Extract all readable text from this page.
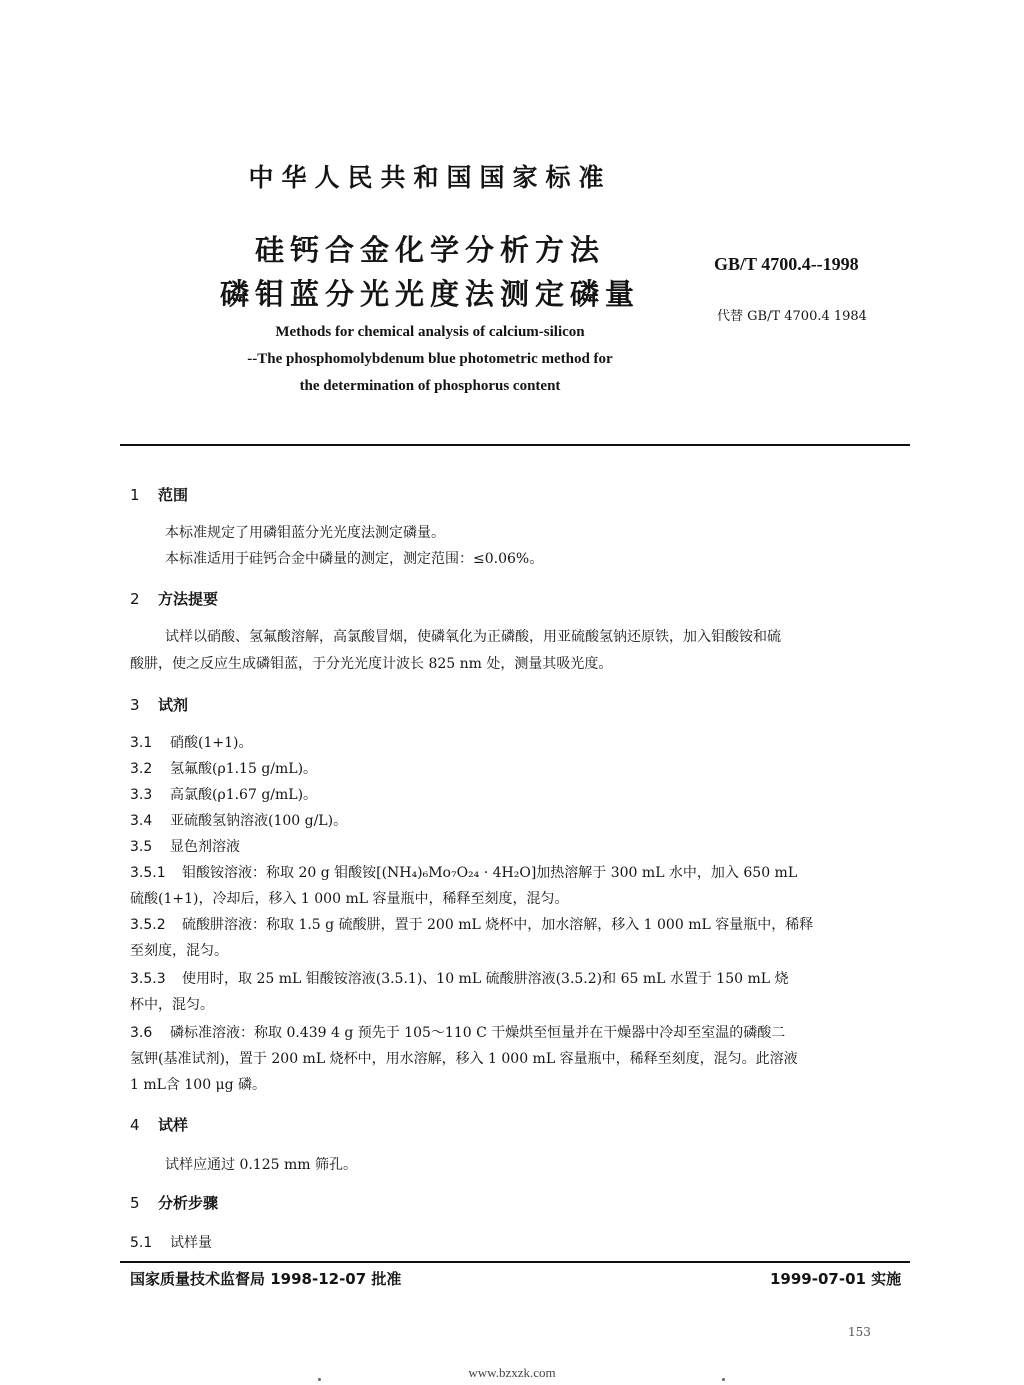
中华人民共和国国家标准
硅钙合金化学分析方法
磷钼蓝分光光度法测定磷量
GB/T 4700.4--1998
代替 GB/T 4700.4 1984
Methods for chemical analysis of calcium-silicon
--The phosphomolybdenum blue photometric method for
the determination of phosphorus content
1 范围
本标准规定了用磷钼蓝分光光度法测定磷量。
本标准适用于硅钙合金中磷量的测定，测定范围：≤0.06%。
2 方法提要
试样以硝酸、氢氟酸溶解，高氯酸冒烟，使磷氧化为正磷酸，用亚硫酸氢钠还原铁，加入钼酸铵和硫
酸肼，使之反应生成磷钼蓝，于分光光度计波长 825 nm 处，测量其吸光度。
3 试剂
3.1 硝酸(1+1)。
3.2 氢氟酸(ρ1.15 g/mL)。
3.3 高氯酸(ρ1.67 g/mL)。
3.4 亚硫酸氢钠溶液(100 g/L)。
3.5 显色剂溶液
3.5.1 钼酸铵溶液：称取 20 g 钼酸铵[(NH₄)₆Mo₇O₂₄ · 4H₂O]加热溶解于 300 mL 水中，加入 650 mL
硫酸(1+1)，冷却后，移入 1 000 mL 容量瓶中，稀释至刻度，混匀。
3.5.2 硫酸肼溶液：称取 1.5 g 硫酸肼，置于 200 mL 烧杯中，加水溶解，移入 1 000 mL 容量瓶中，稀释
至刻度，混匀。
3.5.3 使用时，取 25 mL 钼酸铵溶液(3.5.1)、10 mL 硫酸肼溶液(3.5.2)和 65 mL 水置于 150 mL 烧
杯中，混匀。
3.6 磷标准溶液：称取 0.439 4 g 预先于 105～110 C 干燥烘至恒量并在干燥器中冷却至室温的磷酸二
氢钾(基准试剂)，置于 200 mL 烧杯中，用水溶解，移入 1 000 mL 容量瓶中，稀释至刻度，混匀。此溶液
1 mL含 100 μg 磷。
4 试样
试样应通过 0.125 mm 筛孔。
5 分析步骤
5.1 试样量
国家质量技术监督局 1998-12-07 批准	1999-07-01 实施
153
www.bzxzk.com
